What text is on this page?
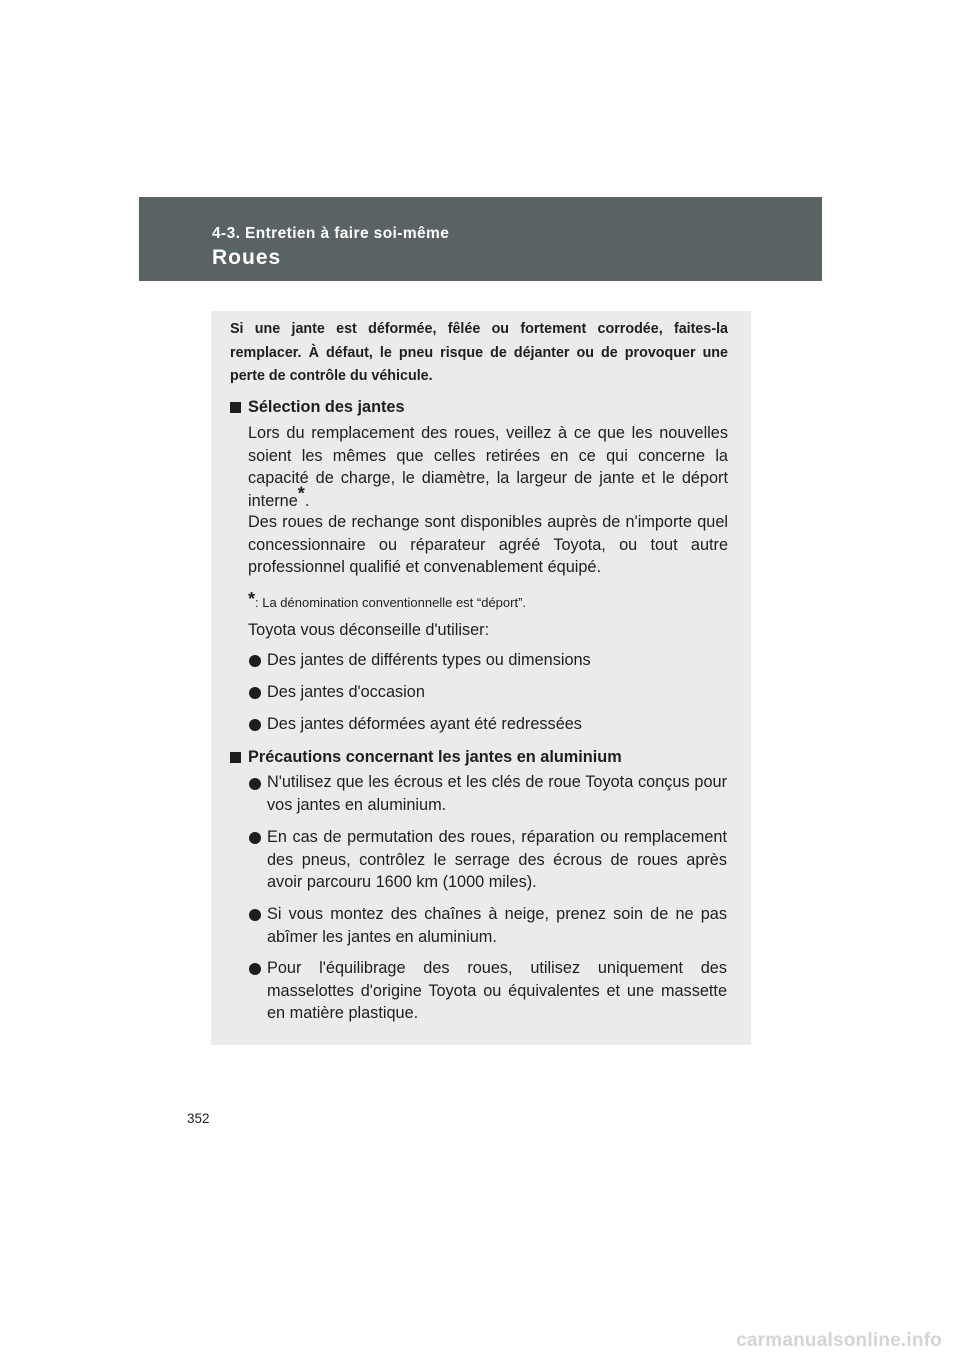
4-3. Entretien à faire soi-même
Roues
Si une jante est déformée, fêlée ou fortement corrodée, faites-la remplacer. À défaut, le pneu risque de déjanter ou de provoquer une perte de contrôle du véhicule.
Sélection des jantes
Lors du remplacement des roues, veillez à ce que les nouvelles soient les mêmes que celles retirées en ce qui concerne la capacité de charge, le diamètre, la largeur de jante et le déport interne*.
Des roues de rechange sont disponibles auprès de n'importe quel concessionnaire ou réparateur agréé Toyota, ou tout autre professionnel qualifié et convenablement équipé.
*: La dénomination conventionnelle est “déport”.
Toyota vous déconseille d'utiliser:
Des jantes de différents types ou dimensions
Des jantes d'occasion
Des jantes déformées ayant été redressées
Précautions concernant les jantes en aluminium
N'utilisez que les écrous et les clés de roue Toyota conçus pour vos jantes en aluminium.
En cas de permutation des roues, réparation ou remplacement des pneus, contrôlez le serrage des écrous de roues après avoir parcouru 1600 km (1000 miles).
Si vous montez des chaînes à neige, prenez soin de ne pas abîmer les jantes en aluminium.
Pour l'équilibrage des roues, utilisez uniquement des masselottes d'origine Toyota ou équivalentes et une massette en matière plastique.
352
carmanualsonline.info
